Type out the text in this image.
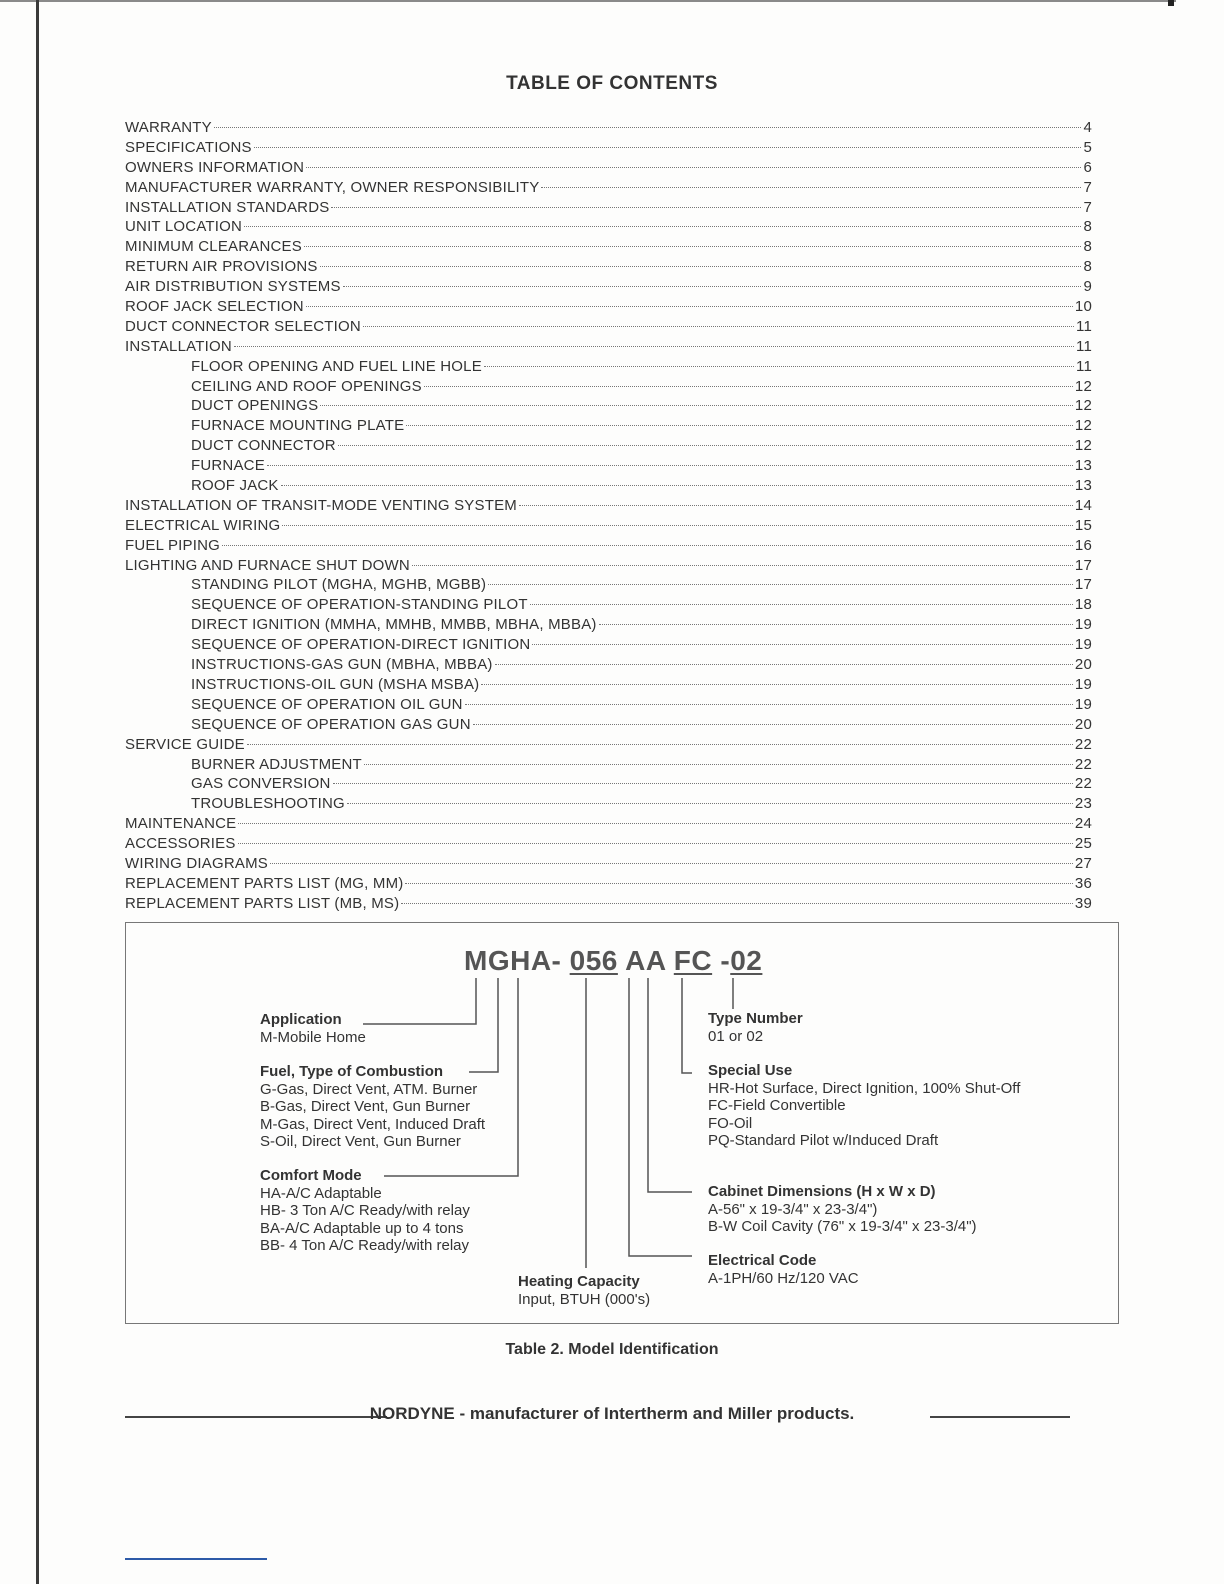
TABLE OF CONTENTS
WARRANTY	4
SPECIFICATIONS	5
OWNERS INFORMATION	6
MANUFACTURER WARRANTY, OWNER RESPONSIBILITY	7
INSTALLATION STANDARDS	7
UNIT LOCATION	8
MINIMUM CLEARANCES	8
RETURN AIR PROVISIONS	8
AIR DISTRIBUTION SYSTEMS	9
ROOF JACK SELECTION	10
DUCT CONNECTOR SELECTION	11
INSTALLATION	11
FLOOR OPENING AND FUEL LINE HOLE	11
CEILING AND ROOF OPENINGS	12
DUCT OPENINGS	12
FURNACE MOUNTING PLATE	12
DUCT CONNECTOR	12
FURNACE	13
ROOF JACK	13
INSTALLATION OF TRANSIT-MODE VENTING SYSTEM	14
ELECTRICAL WIRING	15
FUEL PIPING	16
LIGHTING AND FURNACE SHUT DOWN	17
STANDING PILOT (MGHA, MGHB, MGBB)	17
SEQUENCE OF OPERATION-STANDING PILOT	18
DIRECT IGNITION (MMHA, MMHB, MMBB, MBHA, MBBA)	19
SEQUENCE OF OPERATION-DIRECT IGNITION	19
INSTRUCTIONS-GAS GUN (MBHA, MBBA)	20
INSTRUCTIONS-OIL GUN (MSHA MSBA)	19
SEQUENCE OF OPERATION OIL GUN	19
SEQUENCE OF OPERATION GAS GUN	20
SERVICE GUIDE	22
BURNER ADJUSTMENT	22
GAS CONVERSION	22
TROUBLESHOOTING	23
MAINTENANCE	24
ACCESSORIES	25
WIRING DIAGRAMS	27
REPLACEMENT PARTS LIST (MG, MM)	36
REPLACEMENT PARTS LIST (MB, MS)	39
MGHA- 056 AA FC -02
Application
M-Mobile Home
Fuel, Type of Combustion
G-Gas, Direct Vent, ATM. Burner
B-Gas, Direct Vent, Gun Burner
M-Gas, Direct Vent, Induced Draft
S-Oil, Direct Vent, Gun Burner
Comfort Mode
HA-A/C Adaptable
HB- 3 Ton A/C Ready/with relay
BA-A/C Adaptable up to 4 tons
BB- 4 Ton A/C Ready/with relay
Heating Capacity
Input, BTUH (000's)
Type Number
01 or 02
Special Use
HR-Hot Surface, Direct Ignition, 100% Shut-Off
FC-Field Convertible
FO-Oil
PQ-Standard Pilot w/Induced Draft
Cabinet Dimensions (H x W x D)
A-56" x 19-3/4" x 23-3/4")
B-W Coil Cavity (76" x 19-3/4" x 23-3/4")
Electrical Code
A-1PH/60 Hz/120 VAC
Table 2. Model Identification
NORDYNE - manufacturer of Intertherm and Miller products.
